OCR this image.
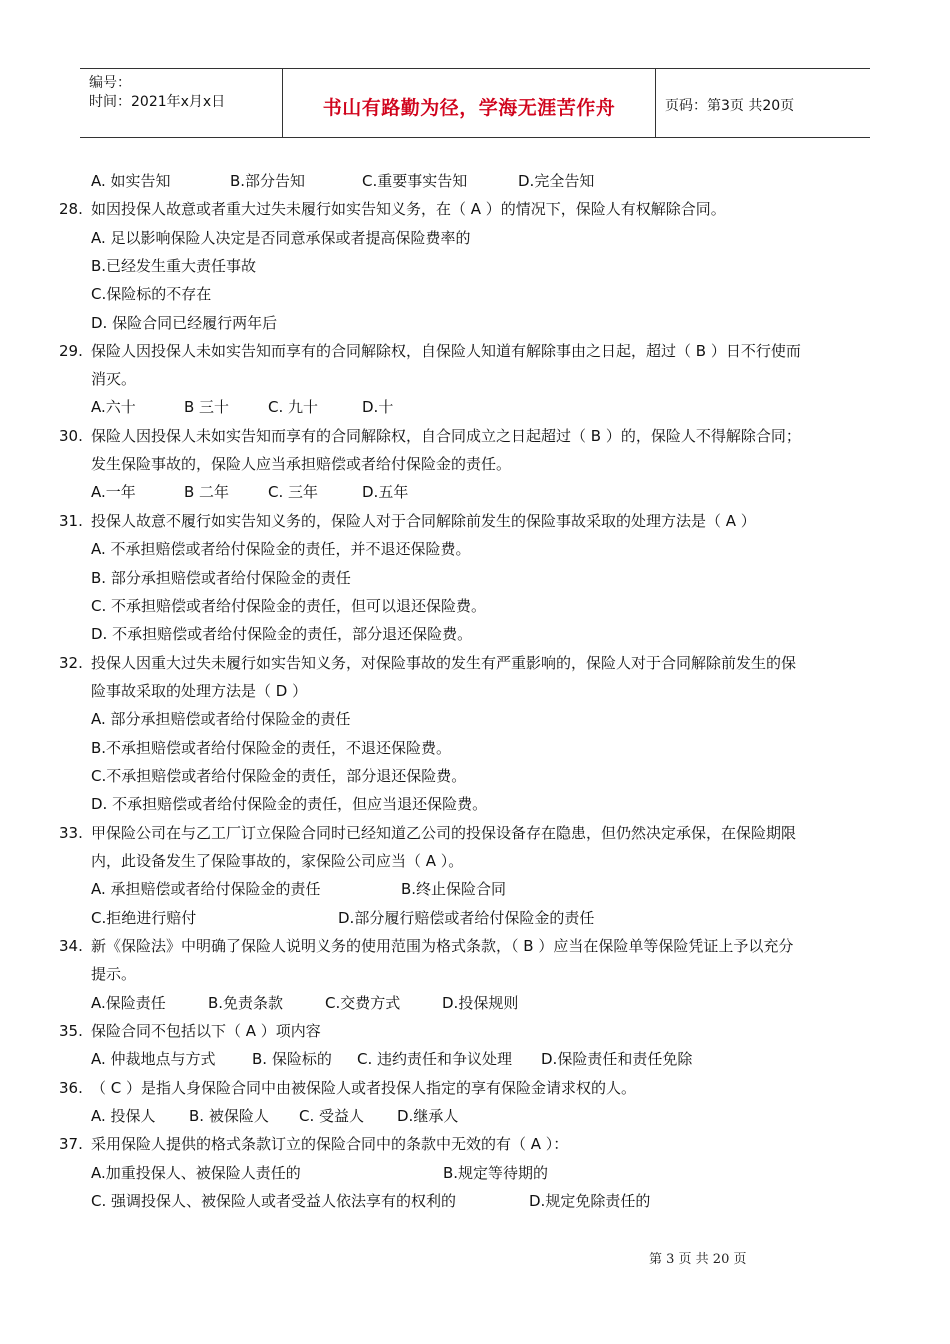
编号：
时间：2021年x月x日	书山有路勤为径，学海无涯苦作舟	页码：第3页 共20页
A. 如实告知	B.部分告知	C.重要事实告知	D.完全告知
28. 如因投保人故意或者重大过失未履行如实告知义务，在（ A ）的情况下，保险人有权解除合同。
A. 足以影响保险人决定是否同意承保或者提高保险费率的
B.已经发生重大责任事故
C.保险标的不存在
D. 保险合同已经履行两年后
29. 保险人因投保人未如实告知而享有的合同解除权，自保险人知道有解除事由之日起，超过（ B ）日不行使而
消灭。
A.六十	B 三十	C. 九十	D.十
30. 保险人因投保人未如实告知而享有的合同解除权，自合同成立之日起超过（ B ）的，保险人不得解除合同；
发生保险事故的，保险人应当承担赔偿或者给付保险金的责任。
A.一年	B 二年	C. 三年	D.五年
31. 投保人故意不履行如实告知义务的，保险人对于合同解除前发生的保险事故采取的处理方法是（ A ）
A. 不承担赔偿或者给付保险金的责任，并不退还保险费。
B. 部分承担赔偿或者给付保险金的责任
C. 不承担赔偿或者给付保险金的责任，但可以退还保险费。
D. 不承担赔偿或者给付保险金的责任，部分退还保险费。
32. 投保人因重大过失未履行如实告知义务，对保险事故的发生有严重影响的，保险人对于合同解除前发生的保
险事故采取的处理方法是（ D ）
A. 部分承担赔偿或者给付保险金的责任
B.不承担赔偿或者给付保险金的责任，不退还保险费。
C.不承担赔偿或者给付保险金的责任，部分退还保险费。
D. 不承担赔偿或者给付保险金的责任，但应当退还保险费。
33. 甲保险公司在与乙工厂订立保险合同时已经知道乙公司的投保设备存在隐患，但仍然决定承保，在保险期限
内，此设备发生了保险事故的，家保险公司应当（ A ）。
A. 承担赔偿或者给付保险金的责任	B.终止保险合同
C.拒绝进行赔付	D.部分履行赔偿或者给付保险金的责任
34. 新《保险法》中明确了保险人说明义务的使用范围为格式条款，（ B ）应当在保险单等保险凭证上予以充分
提示。
A.保险责任	B.免责条款	C.交费方式	D.投保规则
35. 保险合同不包括以下（ A ）项内容
A. 仲裁地点与方式 B. 保险标的 C. 违约责任和争议处理 D.保险责任和责任免除
36. （ C ）是指人身保险合同中由被保险人或者投保人指定的享有保险金请求权的人。
A. 投保人 B. 被保险人 C. 受益人 D.继承人
37. 采用保险人提供的格式条款订立的保险合同中的条款中无效的有（ A ）：
A.加重投保人、被保险人责任的	B.规定等待期的
C. 强调投保人、被保险人或者受益人依法享有的权利的	D.规定免除责任的
第 3 页 共 20 页
